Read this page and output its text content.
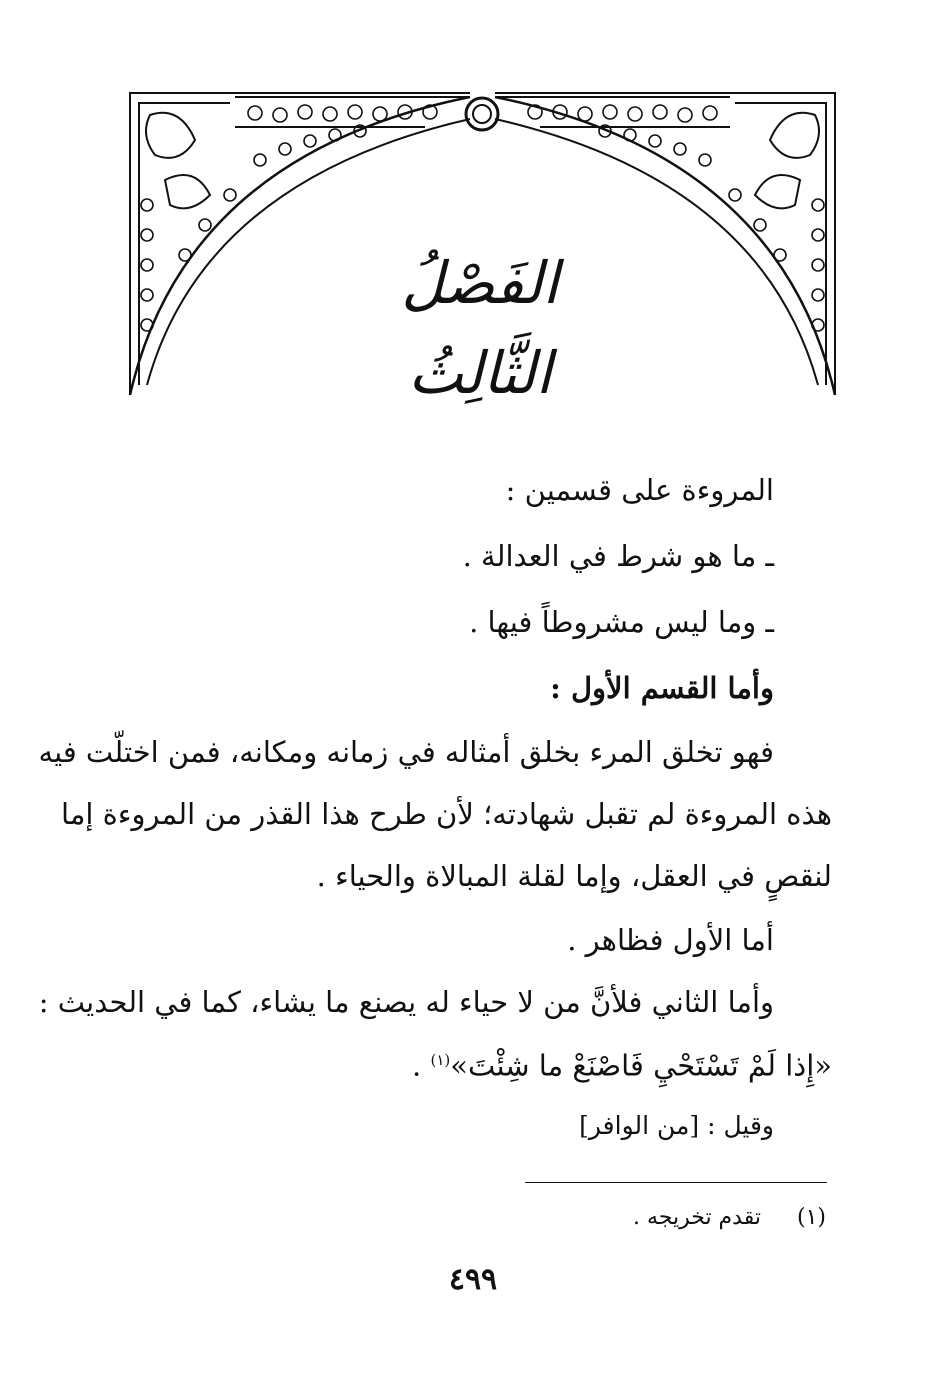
الفَصْلُ الثَّالِثُ
المروءة على قسمين :
ـ ما هو شرط في العدالة .
ـ وما ليس مشروطاً فيها .
وأما القسم الأول :
فهو تخلق المرء بخلق أمثاله في زمانه ومكانه، فمن اختلّت فيه
هذه المروءة لم تقبل شهادته؛ لأن طرح هذا القذر من المروءة إما
لنقصٍ في العقل، وإما لقلة المبالاة والحياء .
أما الأول فظاهر .
وأما الثاني فلأنَّ من لا حياء له يصنع ما يشاء، كما في الحديث :
«إِذا لَمْ تَسْتَحْيِ فَاصْنَعْ ما شِئْتَ»$^{(١)}$ .
وقيل : [من الوافر]
(١)  تقدم تخريجه .
٤٩٩
